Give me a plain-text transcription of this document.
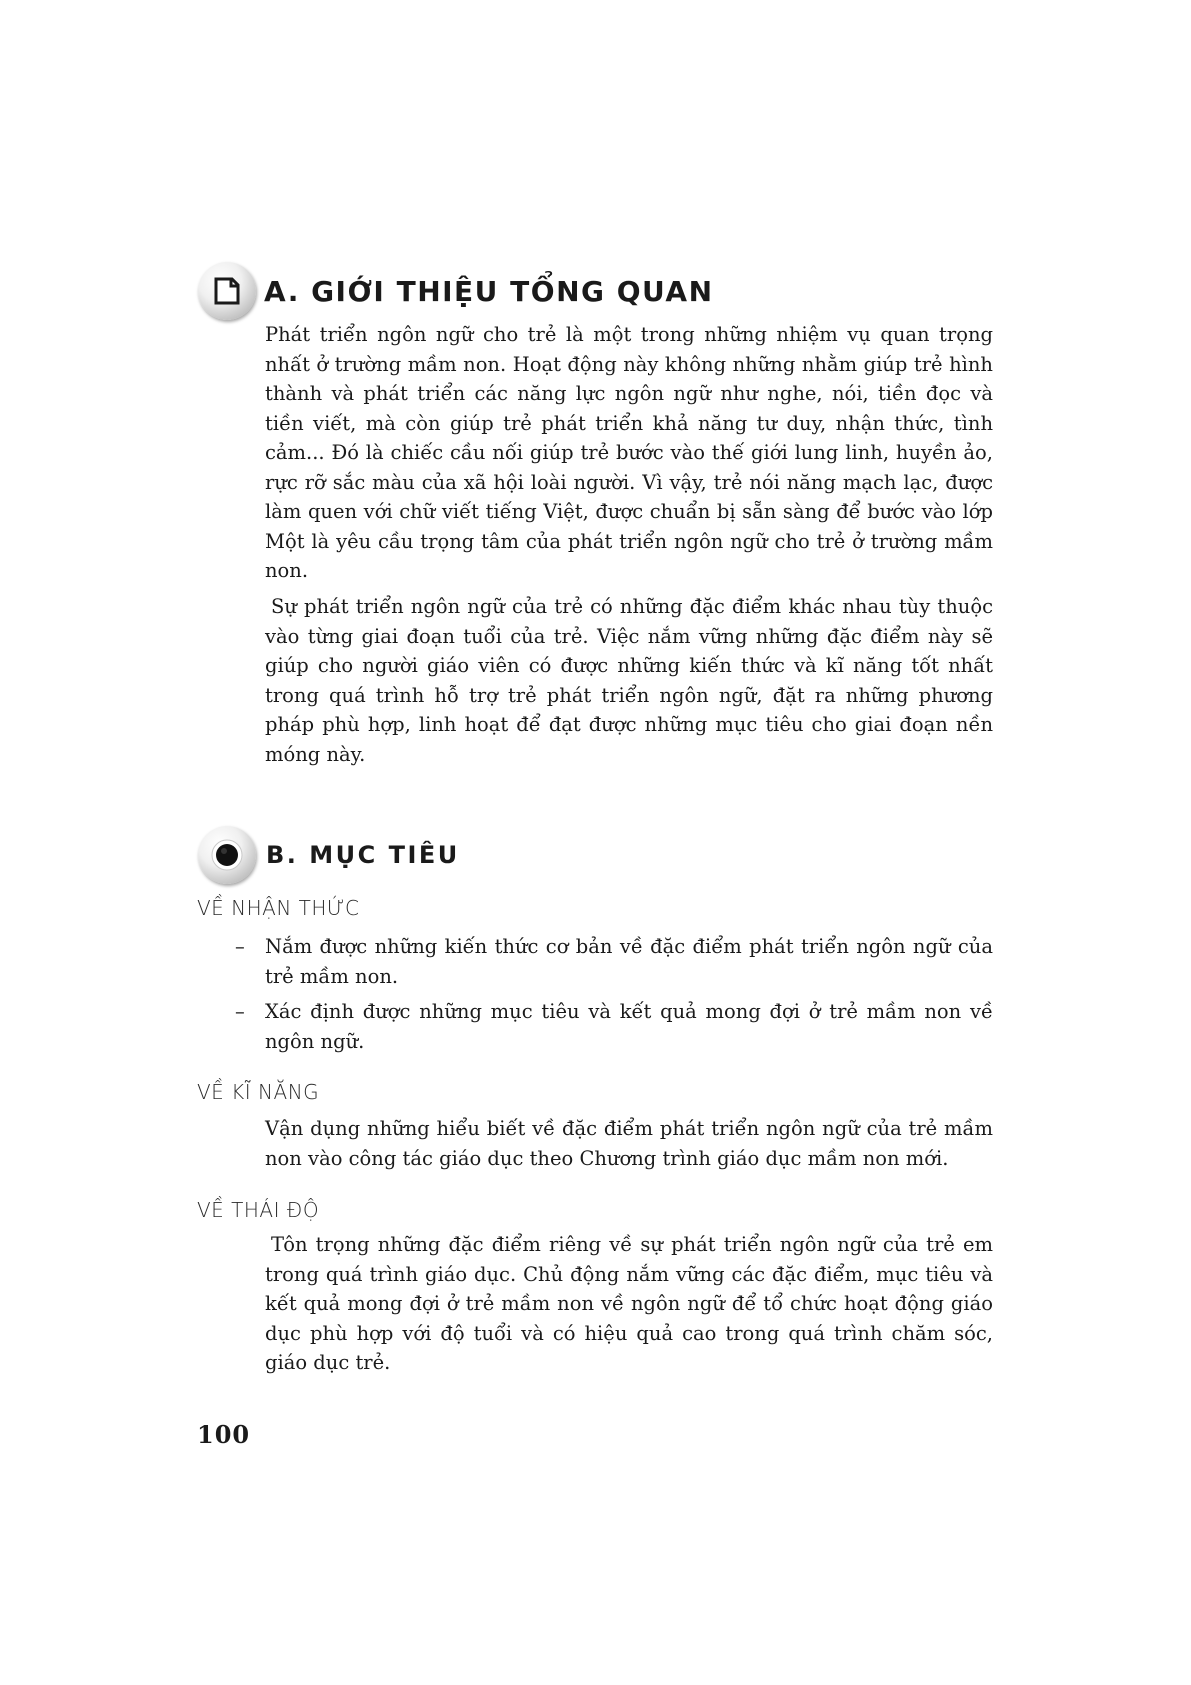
A. GIỚI THIỆU TỔNG QUAN

Phát triển ngôn ngữ cho trẻ là một trong những nhiệm vụ quan trọng nhất ở trường mầm non. Hoạt động này không những nhằm giúp trẻ hình thành và phát triển các năng lực ngôn ngữ như nghe, nói, tiền đọc và tiền viết, mà còn giúp trẻ phát triển khả năng tư duy, nhận thức, tình cảm... Đó là chiếc cầu nối giúp trẻ bước vào thế giới lung linh, huyền ảo, rực rỡ sắc màu của xã hội loài người. Vì vậy, trẻ nói năng mạch lạc, được làm quen với chữ viết tiếng Việt, được chuẩn bị sẵn sàng để bước vào lớp Một là yêu cầu trọng tâm của phát triển ngôn ngữ cho trẻ ở trường mầm non.

Sự phát triển ngôn ngữ của trẻ có những đặc điểm khác nhau tùy thuộc vào từng giai đoạn tuổi của trẻ. Việc nắm vững những đặc điểm này sẽ giúp cho người giáo viên có được những kiến thức và kĩ năng tốt nhất trong quá trình hỗ trợ trẻ phát triển ngôn ngữ, đặt ra những phương pháp phù hợp, linh hoạt để đạt được những mục tiêu cho giai đoạn nền móng này.

B. MỤC TIÊU
VỀ NHẬN THỨC
– Nắm được những kiến thức cơ bản về đặc điểm phát triển ngôn ngữ của trẻ mầm non.
– Xác định được những mục tiêu và kết quả mong đợi ở trẻ mầm non về ngôn ngữ.
VỀ KĨ NĂNG

Vận dụng những hiểu biết về đặc điểm phát triển ngôn ngữ của trẻ mầm non vào công tác giáo dục theo Chương trình giáo dục mầm non mới.

VỀ THÁI ĐỘ

Tôn trọng những đặc điểm riêng về sự phát triển ngôn ngữ của trẻ em trong quá trình giáo dục. Chủ động nắm vững các đặc điểm, mục tiêu và kết quả mong đợi ở trẻ mầm non về ngôn ngữ để tổ chức hoạt động giáo dục phù hợp với độ tuổi và có hiệu quả cao trong quá trình chăm sóc, giáo dục trẻ.

100
